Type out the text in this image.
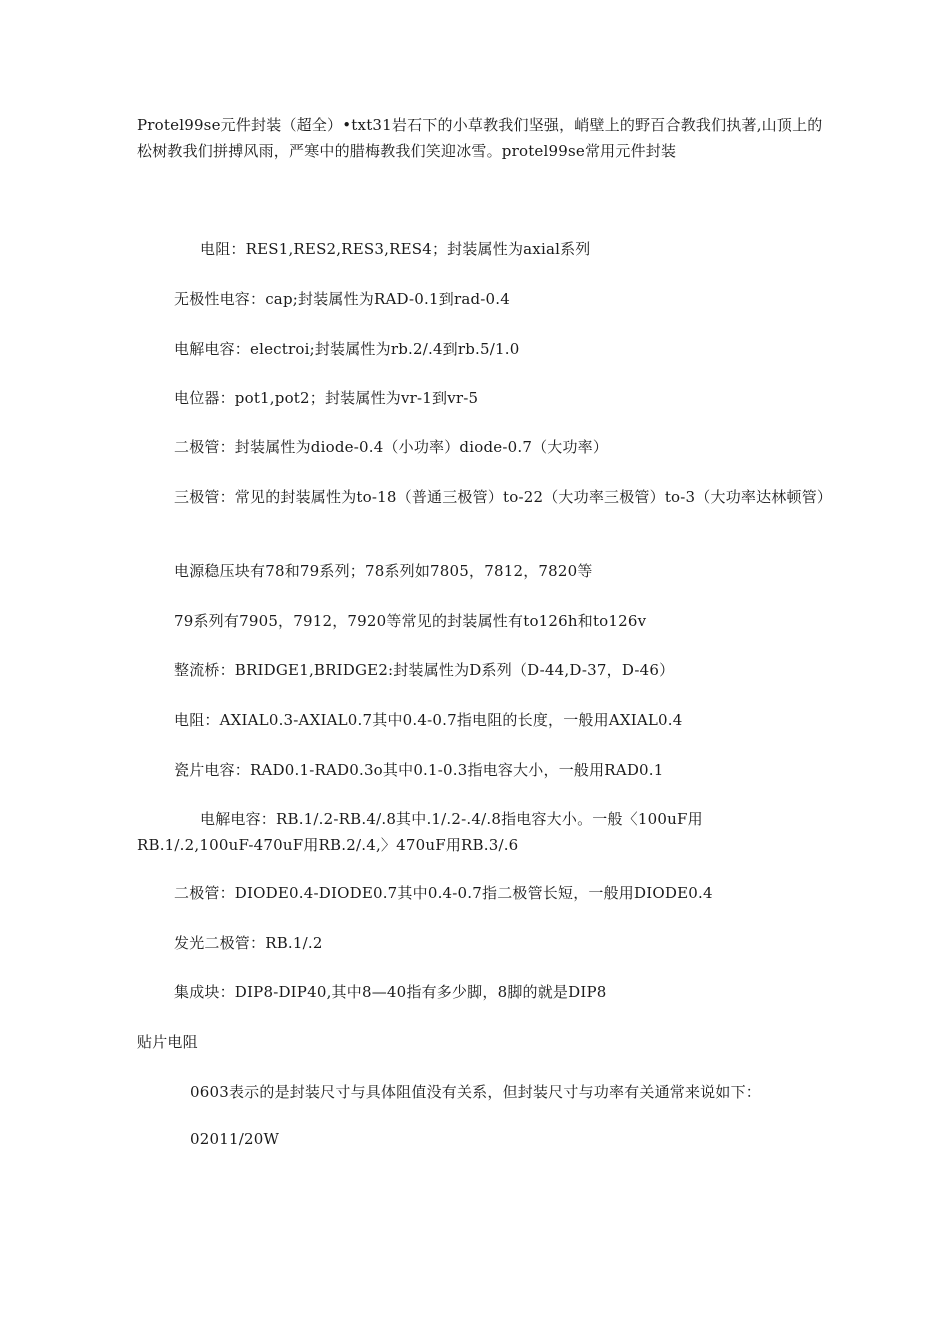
Protel99se元件封装（超全）•txt31岩石下的小草教我们坚强，峭壁上的野百合教我们执著,山顶上的松树教我们拼搏风雨，严寒中的腊梅教我们笑迎冰雪。protel99se常用元件封装
电阻：RES1,RES2,RES3,RES4；封装属性为axial系列
无极性电容：cap;封装属性为RAD-0.1到rad-0.4
电解电容：electroi;封装属性为rb.2/.4到rb.5/1.0
电位器：pot1,pot2；封装属性为vr-1到vr-5
二极管：封装属性为diode-0.4（小功率）diode-0.7（大功率）
三极管：常见的封装属性为to-18（普通三极管）to-22（大功率三极管）to-3（大功率达林顿管）
电源稳压块有78和79系列；78系列如7805，7812，7820等
79系列有7905，7912，7920等常见的封装属性有to126h和to126v
整流桥：BRIDGE1,BRIDGE2:封装属性为D系列（D-44,D-37，D-46）
电阻：AXIAL0.3-AXIAL0.7其中0.4-0.7指电阻的长度，一般用AXIAL0.4
瓷片电容：RAD0.1-RAD0.3o其中0.1-0.3指电容大小，一般用RAD0.1
电解电容：RB.1/.2-RB.4/.8其中.1/.2-.4/.8指电容大小。一般〈100uF用RB.1/.2,100uF-470uF用RB.2/.4,〉470uF用RB.3/.6
二极管：DIODE0.4-DIODE0.7其中0.4-0.7指二极管长短，一般用DIODE0.4
发光二极管：RB.1/.2
集成块：DIP8-DIP40,其中8—40指有多少脚，8脚的就是DIP8
贴片电阻
0603表示的是封装尺寸与具体阻值没有关系，但封装尺寸与功率有关通常来说如下：
02011/20W
